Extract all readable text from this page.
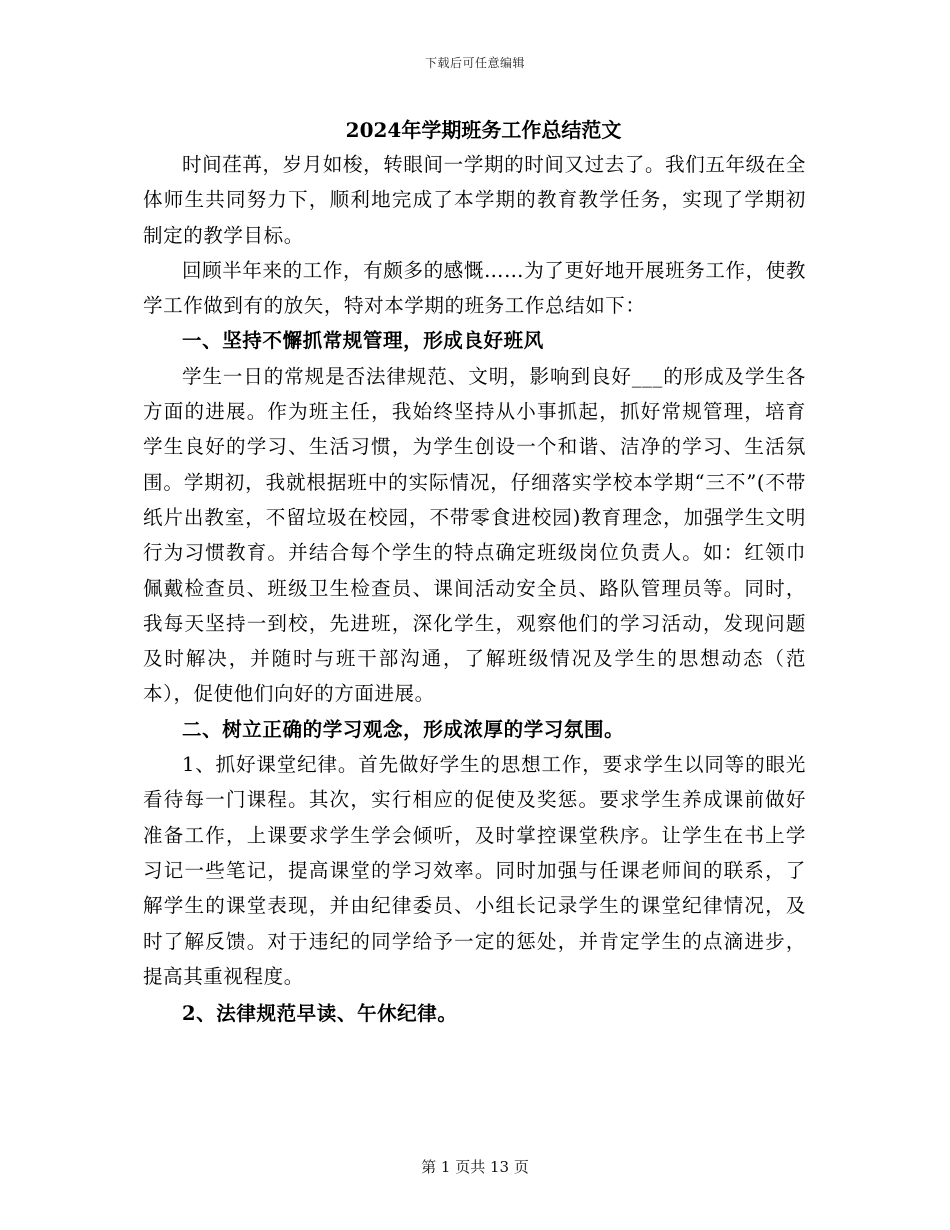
下载后可任意编辑
2024年学期班务工作总结范文

时间荏苒，岁月如梭，转眼间一学期的时间又过去了。我们五年级在全体师生共同努力下，顺利地完成了本学期的教育教学任务，实现了学期初制定的教学目标。

回顾半年来的工作，有颇多的感慨……为了更好地开展班务工作，使教学工作做到有的放矢，特对本学期的班务工作总结如下：

一、坚持不懈抓常规管理，形成良好班风

学生一日的常规是否法律规范、文明，影响到良好___的形成及学生各方面的进展。作为班主任，我始终坚持从小事抓起，抓好常规管理，培育学生良好的学习、生活习惯，为学生创设一个和谐、洁净的学习、生活氛围。学期初，我就根据班中的实际情况，仔细落实学校本学期“三不”(不带纸片出教室，不留垃圾在校园，不带零食进校园)教育理念，加强学生文明行为习惯教育。并结合每个学生的特点确定班级岗位负责人。如：红领巾佩戴检查员、班级卫生检查员、课间活动安全员、路队管理员等。同时，我每天坚持一到校，先进班，深化学生，观察他们的学习活动，发现问题及时解决，并随时与班干部沟通，了解班级情况及学生的思想动态（范本），促使他们向好的方面进展。

二、树立正确的学习观念，形成浓厚的学习氛围。

1、抓好课堂纪律。首先做好学生的思想工作，要求学生以同等的眼光看待每一门课程。其次，实行相应的促使及奖惩。要求学生养成课前做好准备工作，上课要求学生学会倾听，及时掌控课堂秩序。让学生在书上学习记一些笔记，提高课堂的学习效率。同时加强与任课老师间的联系，了解学生的课堂表现，并由纪律委员、小组长记录学生的课堂纪律情况，及时了解反馈。对于违纪的同学给予一定的惩处，并肯定学生的点滴进步，提高其重视程度。

2、法律规范早读、午休纪律。

第 1 页共 13 页
